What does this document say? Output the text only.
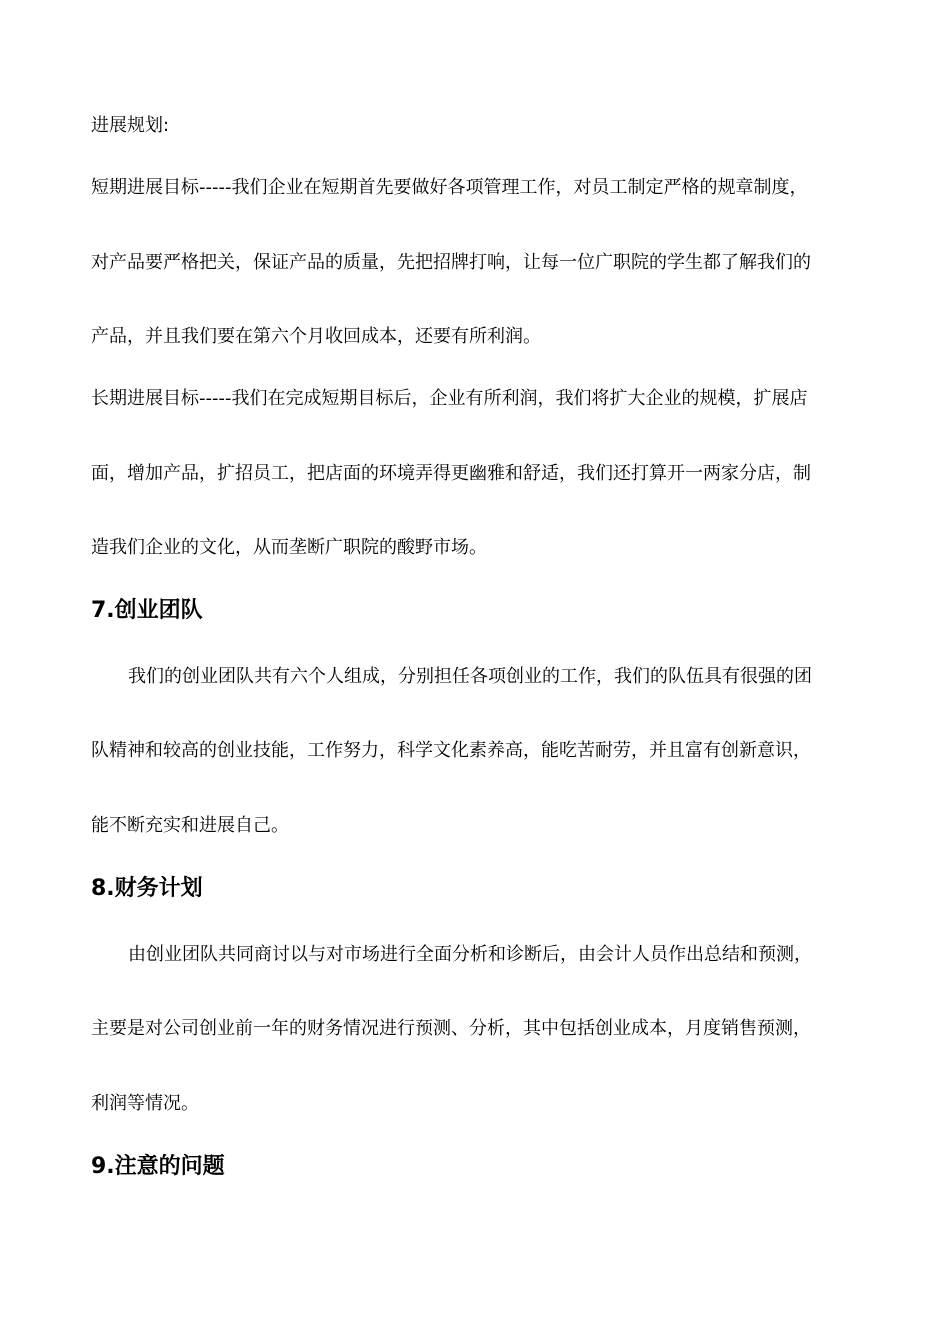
进展规划:
短期进展目标-----我们企业在短期首先要做好各项管理工作，对员工制定严格的规章制度，
对产品要严格把关，保证产品的质量，先把招牌打响，让每一位广职院的学生都了解我们的
产品，并且我们要在第六个月收回成本，还要有所利润。
长期进展目标-----我们在完成短期目标后，企业有所利润，我们将扩大企业的规模，扩展店
面，增加产品，扩招员工，把店面的环境弄得更幽雅和舒适，我们还打算开一两家分店，制
造我们企业的文化，从而垄断广职院的酸野市场。
7.创业团队
我们的创业团队共有六个人组成，分别担任各项创业的工作，我们的队伍具有很强的团
队精神和较高的创业技能，工作努力，科学文化素养高，能吃苦耐劳，并且富有创新意识，
能不断充实和进展自己。
8.财务计划
由创业团队共同商讨以与对市场进行全面分析和诊断后，由会计人员作出总结和预测，
主要是对公司创业前一年的财务情况进行预测、分析，其中包括创业成本，月度销售预测，
利润等情况。
9.注意的问题
